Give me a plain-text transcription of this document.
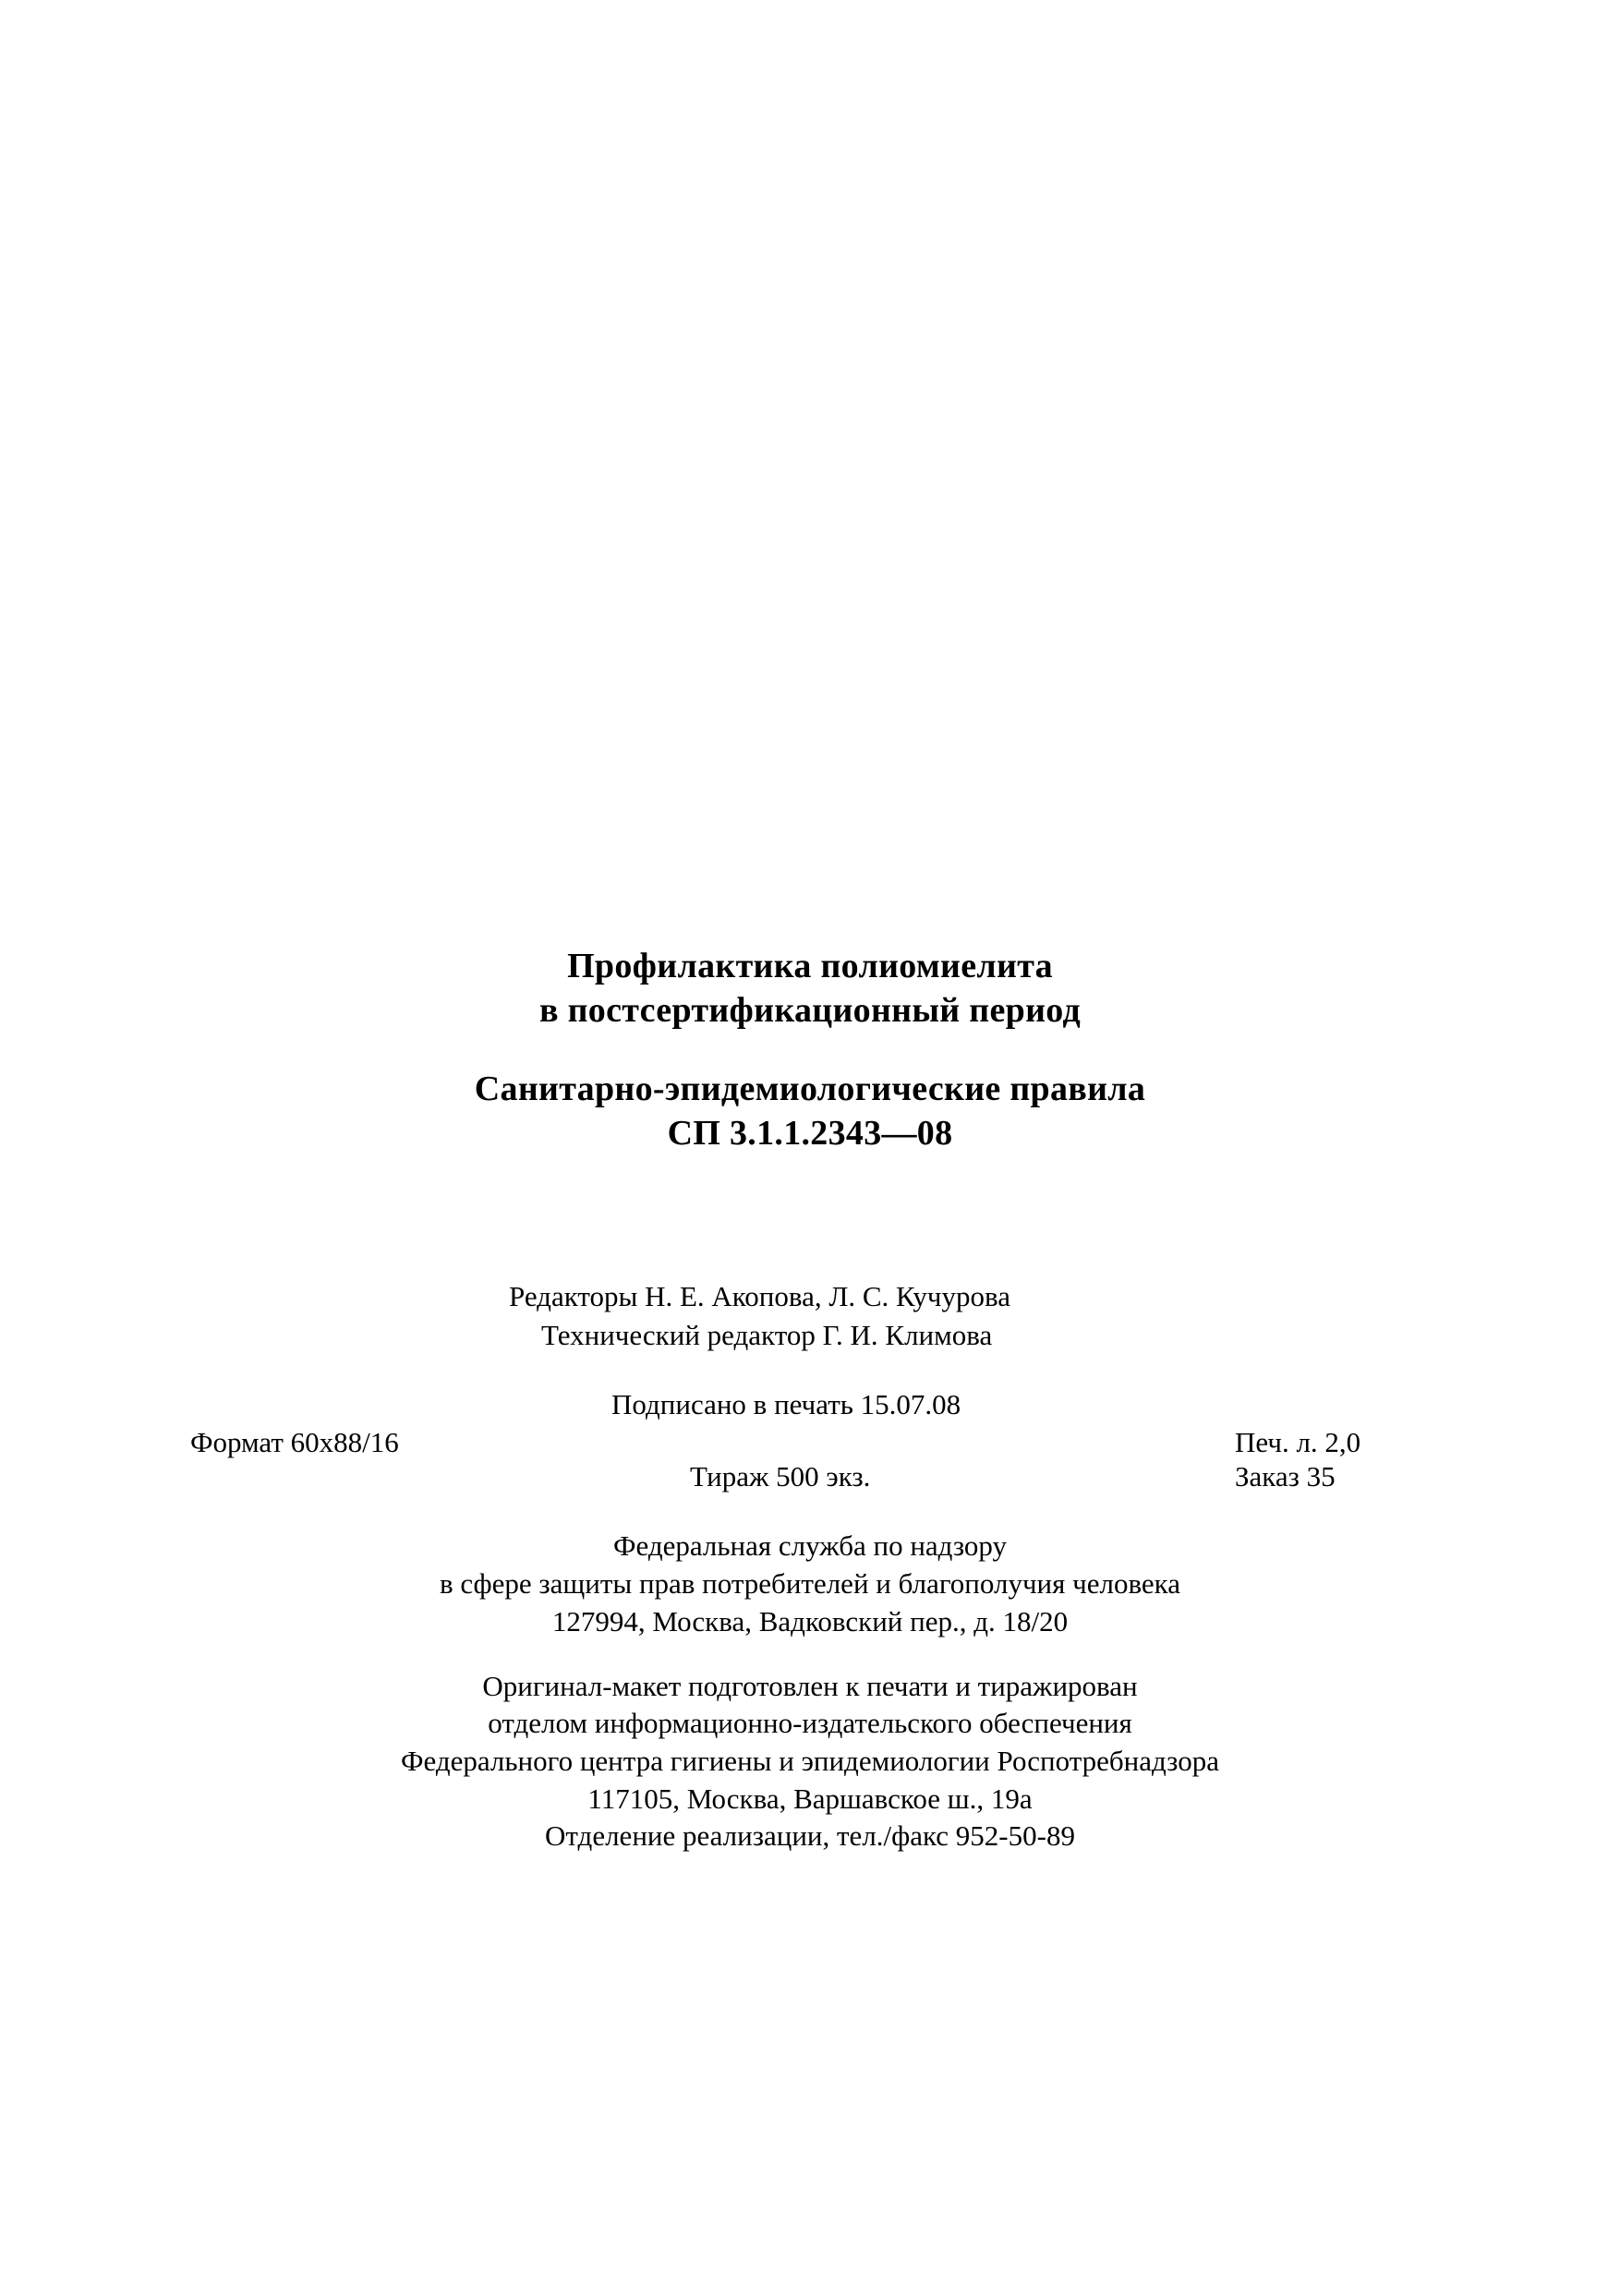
Профилактика полиомиелита
в постсертификационный период
Санитарно-эпидемиологические правила
СП 3.1.1.2343—08
Редакторы Н. Е. Акопова, Л. С. Кучурова
Технический редактор Г. И. Климова
Подписано в печать 15.07.08
Формат 60x88/16	Печ. л. 2,0
Тираж 500 экз.	Заказ 35
Федеральная служба по надзору
в сфере защиты прав потребителей и благополучия человека
127994, Москва, Вадковский пер., д. 18/20
Оригинал-макет подготовлен к печати и тиражирован
отделом информационно-издательского обеспечения
Федерального центра гигиены и эпидемиологии Роспотребнадзора
117105, Москва, Варшавское ш., 19а
Отделение реализации, тел./факс 952-50-89
